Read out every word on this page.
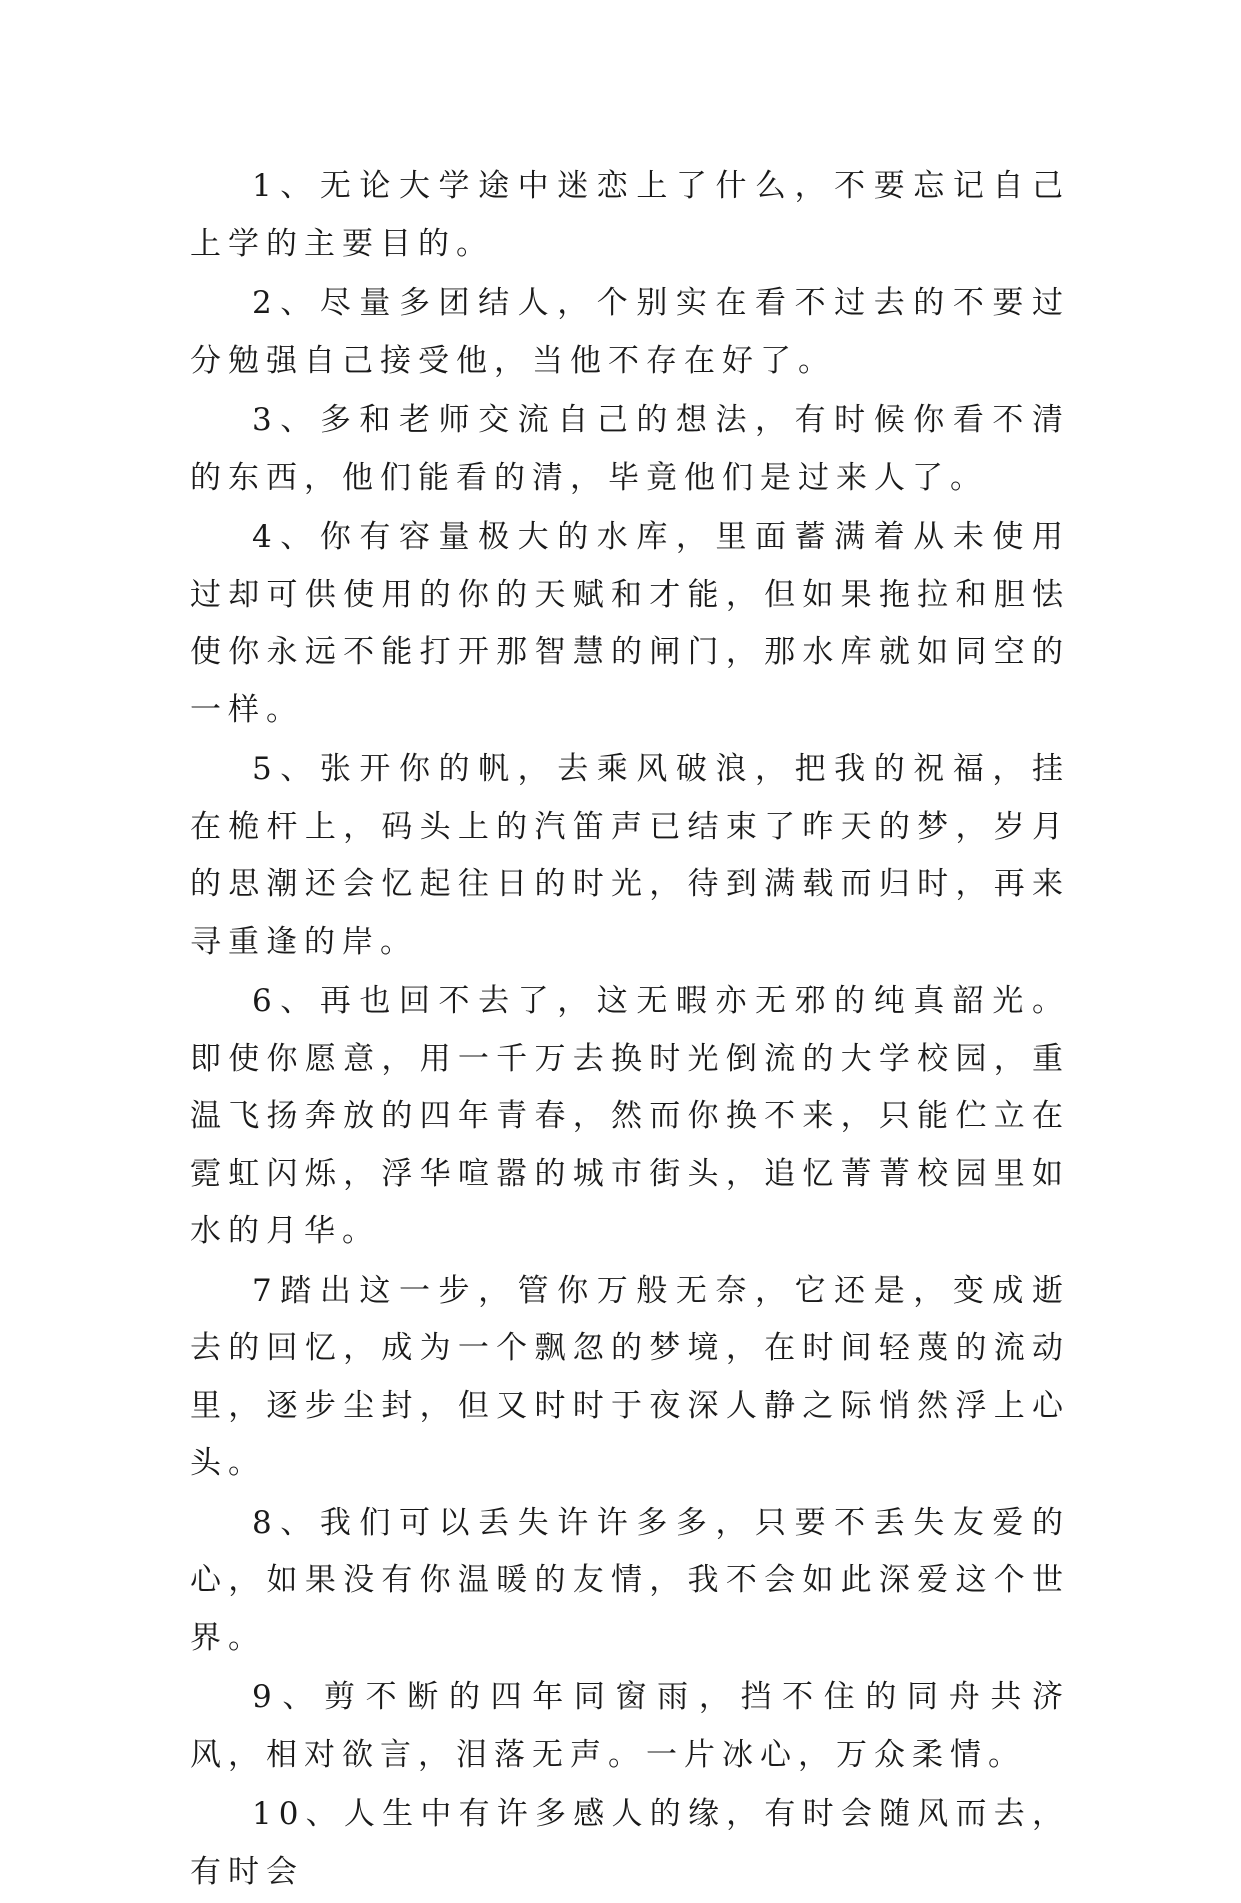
1、无论大学途中迷恋上了什么，不要忘记自己上学的主要目的。

2、尽量多团结人，个别实在看不过去的不要过分勉强自己接受他，当他不存在好了。

3、多和老师交流自己的想法，有时候你看不清的东西，他们能看的清，毕竟他们是过来人了。

4、你有容量极大的水库，里面蓄满着从未使用过却可供使用的你的天赋和才能，但如果拖拉和胆怯使你永远不能打开那智慧的闸门，那水库就如同空的一样。

5、张开你的帆，去乘风破浪，把我的祝福，挂在桅杆上，码头上的汽笛声已结束了昨天的梦，岁月的思潮还会忆起往日的时光，待到满载而归时，再来寻重逢的岸。

6、再也回不去了，这无暇亦无邪的纯真韶光。即使你愿意，用一千万去换时光倒流的大学校园，重温飞扬奔放的四年青春，然而你换不来，只能伫立在霓虹闪烁，浮华喧嚣的城市街头，追忆菁菁校园里如水的月华。

7踏出这一步，管你万般无奈，它还是，变成逝去的回忆，成为一个飘忽的梦境，在时间轻蔑的流动里，逐步尘封，但又时时于夜深人静之际悄然浮上心头。

8、我们可以丢失许许多多，只要不丢失友爱的心，如果没有你温暖的友情，我不会如此深爱这个世界。

9、剪不断的四年同窗雨，挡不住的同舟共济风，相对欲言，泪落无声。一片冰心，万众柔情。

10、人生中有许多感人的缘，有时会随风而去，有时会
